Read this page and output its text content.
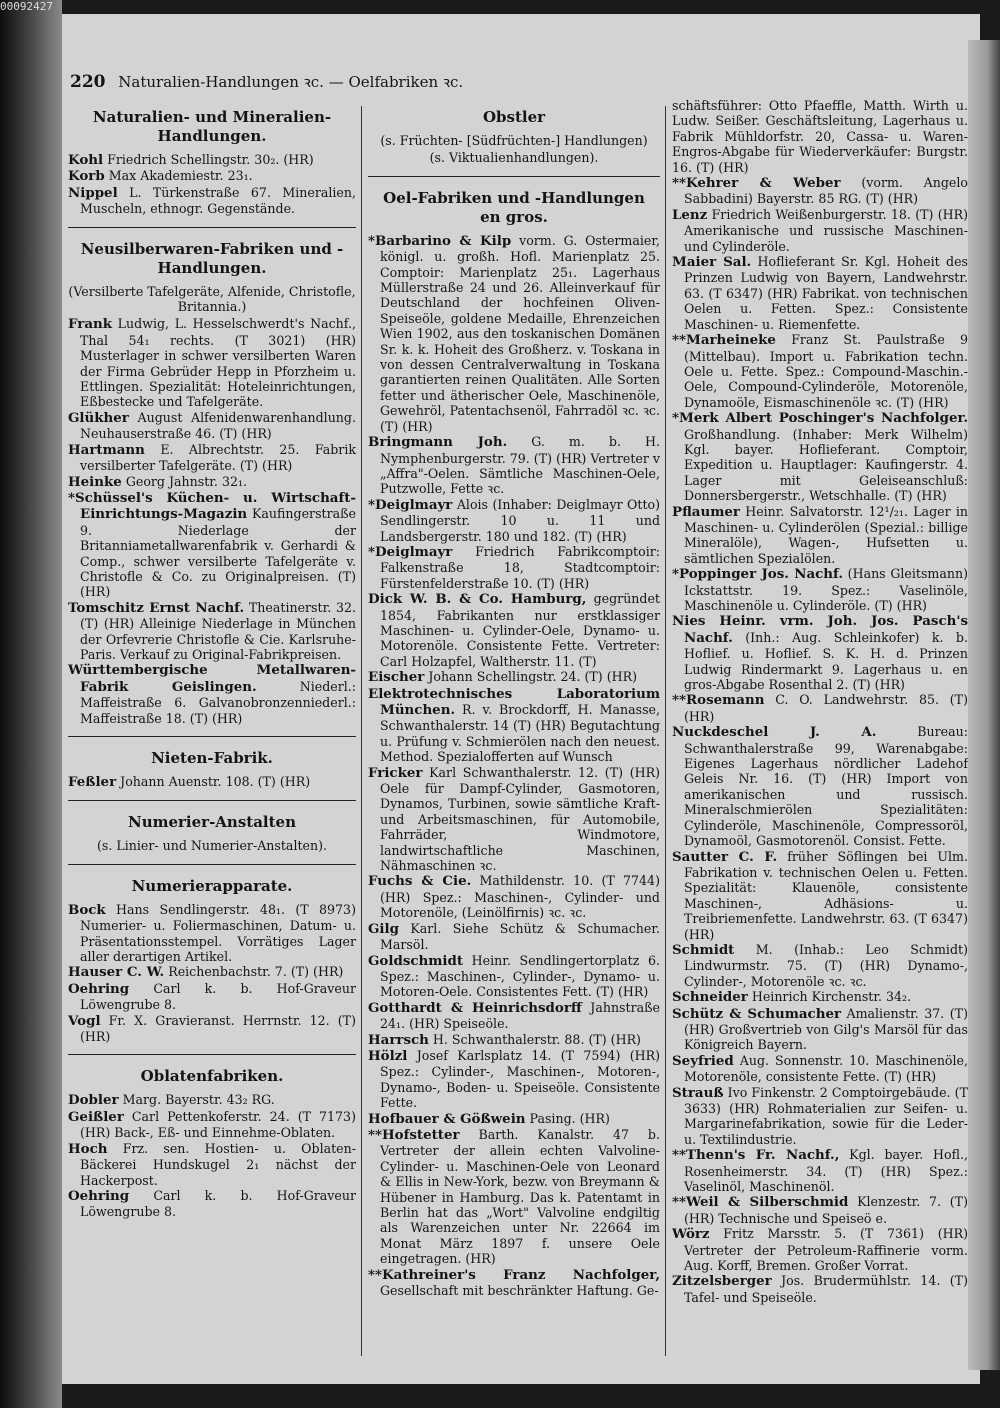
00092427
220 Naturalien-Handlungen ꝛc. — Oelfabriken ꝛc.
Naturalien- und Mineralien-Handlungen.

Kohl Friedrich Schellingstr. 30₂. (HR)

Korb Max Akademiestr. 23₁.

Nippel L. Türkenstraße 67. Mineralien, Muscheln, ethnogr. Gegenstände.

Neusilberwaren-Fabriken und -Handlungen.

(Versilberte Tafelgeräte, Alfenide, Christofle, Britannia.)

Frank Ludwig, L. Hesselschwerdt's Nachf., Thal 54₁ rechts. (T 3021) (HR) Musterlager in schwer versilberten Waren der Firma Gebrüder Hepp in Pforzheim u. Ettlingen. Spezialität: Hoteleinrichtungen, Eßbestecke und Tafelgeräte.

Glükher August Alfenidenwarenhandlung. Neuhauserstraße 46. (T) (HR)

Hartmann E. Albrechtstr. 25. Fabrik versilberter Tafelgeräte. (T) (HR)

Heinke Georg Jahnstr. 32₁.

*Schüssel's Küchen- u. Wirtschaft-Einrichtungs-Magazin Kaufingerstraße 9. Niederlage der Britanniametallwarenfabrik v. Gerhardi & Comp., schwer versilberte Tafelgeräte v. Christofle & Co. zu Originalpreisen. (T) (HR)

Tomschitz Ernst Nachf. Theatinerstr. 32. (T) (HR) Alleinige Niederlage in München der Orfevrerie Christofle & Cie. Karlsruhe-Paris. Verkauf zu Original-Fabrikpreisen.

Württembergische Metallwaren-Fabrik Geislingen.	Niederl.: Maffeistraße 6. Galvanobronzenniederl.: Maffeistraße 18. (T) (HR)

Nieten-Fabrik.

Feßler Johann Auenstr. 108. (T) (HR)

Numerier-Anstalten

(s. Linier- und Numerier-Anstalten).

Numerierapparate.

Bock Hans Sendlingerstr. 48₁. (T 8973) Numerier- u. Foliermaschinen, Datum- u. Präsentationsstempel. Vorrätiges Lager aller derartigen Artikel.

Hauser C. W. Reichenbachstr. 7. (T) (HR)

Oehring Carl k. b. Hof-Graveur Löwengrube 8.

Vogl Fr. X. Gravieranst. Herrnstr. 12. (T) (HR)

Oblatenfabriken.

Dobler Marg. Bayerstr. 43₂ RG.

Geißler Carl Pettenkoferstr. 24. (T 7173) (HR) Back-, Eß- und Einnehme-Oblaten.

Hoch Frz. sen. Hostien- u. Oblaten-Bäckerei Hundskugel 2₁ nächst der Hackerpost.

Oehring Carl k. b. Hof-Graveur Löwengrube 8.

Obstler

(s. Früchten- [Südfrüchten-] Handlungen)

(s. Viktualienhandlungen).

Oel-Fabriken und -Handlungen
en gros.

*Barbarino & Kilp vorm. G. Ostermaier, königl. u. großh. Hofl. Marienplatz 25. Comptoir: Marienplatz 25₁. Lagerhaus Müllerstraße 24 und 26. Alleinverkauf für Deutschland der hochfeinen Oliven-Speiseöle, goldene Medaille, Ehrenzeichen Wien 1902, aus den toskanischen Domänen Sr. k. k. Hoheit des Großherz. v. Toskana in von dessen Centralverwaltung in Toskana garantierten reinen Qualitäten. Alle Sorten fetter und ätherischer Oele, Maschinenöle, Gewehröl, Patentachsenöl, Fahrradöl ꝛc. ꝛc. (T) (HR)

Bringmann Joh. G. m. b. H. Nymphenburgerstr. 79. (T) (HR) Vertreter v „Affra"-Oelen. Sämtliche Maschinen-Oele, Putzwolle, Fette ꝛc.

*Deiglmayr Alois (Inhaber: Deiglmayr Otto) Sendlingerstr. 10 u. 11 und Landsbergerstr. 180 und 182. (T) (HR)

*Deiglmayr Friedrich Fabrikcomptoir: Falkenstraße 18, Stadtcomptoir: Fürstenfelderstraße 10. (T) (HR)

Dick W. B. & Co. Hamburg, gegründet 1854, Fabrikanten nur erstklassiger Maschinen- u. Cylinder-Oele, Dynamo- u. Motorenöle. Consistente Fette. Vertreter: Carl Holzapfel, Waltherstr. 11. (T)

Eischer Johann Schellingstr. 24. (T) (HR)

Elektrotechnisches Laboratorium München. R. v. Brockdorff, H. Manasse, Schwanthalerstr. 14 (T) (HR) Begutachtung u. Prüfung v. Schmierölen nach den neuest. Method. Spezialofferten auf Wunsch

Fricker Karl Schwanthalerstr. 12. (T) (HR) Oele für Dampf-Cylinder, Gasmotoren, Dynamos, Turbinen, sowie sämtliche Kraft- und Arbeitsmaschinen, für Automobile, Fahrräder, Windmotore, landwirtschaftliche Maschinen, Nähmaschinen ꝛc.

Fuchs & Cie. Mathildenstr. 10. (T 7744) (HR) Spez.: Maschinen-, Cylinder- und Motorenöle, (Leinölfirnis) ꝛc. ꝛc.

Gilg Karl. Siehe Schütz & Schumacher. Marsöl.

Goldschmidt Heinr. Sendlingertorplatz 6. Spez.: Maschinen-, Cylinder-, Dynamo- u. Motoren-Oele. Consistentes Fett. (T) (HR)

Gotthardt & Heinrichsdorff Jahnstraße 24₁. (HR) Speiseöle.

Harrsch H. Schwanthalerstr. 88. (T) (HR)

Hölzl Josef Karlsplatz 14. (T 7594) (HR) Spez.: Cylinder-, Maschinen-, Motoren-, Dynamo-, Boden- u. Speiseöle. Consistente Fette.

Hofbauer & Gößwein Pasing. (HR)

**Hofstetter Barth. Kanalstr. 47 b. Vertreter der allein echten Valvoline-Cylinder- u. Maschinen-Oele von Leonard & Ellis in New-York, bezw. von Breymann & Hübener in Hamburg. Das k. Patentamt in Berlin hat das „Wort" Valvoline endgiltig als Warenzeichen unter Nr. 22664 im Monat März 1897 f. unsere Oele eingetragen. (HR)

**Kathreiner's Franz Nachfolger, Gesellschaft mit beschränkter Haftung. Ge-

schäftsführer: Otto Pfaeffle, Matth. Wirth u. Ludw. Seißer. Geschäftsleitung, Lagerhaus u. Fabrik Mühldorfstr. 20, Cassa- u. Waren-Engros-Abgabe für Wiederverkäufer: Burgstr. 16. (T) (HR)

**Kehrer & Weber (vorm. Angelo Sabbadini) Bayerstr. 85 RG. (T) (HR)

Lenz Friedrich Weißenburgerstr. 18. (T) (HR) Amerikanische und russische Maschinen- und Cylinderöle.

Maier Sal. Hoflieferant Sr. Kgl. Hoheit des Prinzen Ludwig von Bayern, Landwehrstr. 63. (T 6347) (HR) Fabrikat. von technischen Oelen u. Fetten. Spez.: Consistente Maschinen- u. Riemenfette.

**Marheineke Franz St. Paulstraße 9 (Mittelbau). Import u. Fabrikation techn. Oele u. Fette. Spez.: Compound-Maschin.-Oele, Compound-Cylinderöle, Motorenöle, Dynamoöle, Eismaschinenöle ꝛc. (T) (HR)

*Merk Albert Poschinger's Nachfolger. Großhandlung. (Inhaber: Merk Wilhelm) Kgl. bayer. Hoflieferant. Comptoir, Expedition u. Hauptlager: Kaufingerstr. 4. Lager mit Geleiseanschluß: Donnersbergerstr., Wetschhalle. (T) (HR)

Pflaumer Heinr. Salvatorstr. 12¹/₂₁. Lager in Maschinen- u. Cylinderölen (Spezial.: billige Mineralöle), Wagen-, Hufsetten u. sämtlichen Spezialölen.

*Poppinger Jos. Nachf. (Hans Gleitsmann) Ickstattstr. 19. Spez.: Vaselinöle, Maschinenöle u. Cylinderöle. (T) (HR)

Nies Heinr. vrm. Joh. Jos. Pasch's Nachf. (Inh.: Aug. Schleinkofer) k. b. Hoflief. u. Hoflief. S. K. H. d. Prinzen Ludwig Rindermarkt 9. Lagerhaus u. en gros-Abgabe Rosenthal 2. (T) (HR)

**Rosemann C. O. Landwehrstr. 85. (T) (HR)

Nuckdeschel J. A.	Bureau: Schwanthalerstraße 99, Warenabgabe: Eigenes Lagerhaus nördlicher Ladehof Geleis Nr. 16. (T) (HR) Import von amerikanischen und russisch. Mineralschmierölen Spezialitäten: Cylinderöle, Maschinenöle, Compressoröl, Dynamoöl, Gasmotorenöl. Consist. Fette.

Sautter C. F. früher Söflingen bei Ulm. Fabrikation v. technischen Oelen u. Fetten. Spezialität: Klauenöle, consistente Maschinen-, Adhäsions- u. Treibriemenfette. Landwehrstr. 63. (T 6347) (HR)

Schmidt M. (Inhab.: Leo Schmidt) Lindwurmstr. 75. (T) (HR) Dynamo-, Cylinder-, Motorenöle ꝛc. ꝛc.

Schneider Heinrich Kirchenstr. 34₂.

Schütz & Schumacher Amalienstr. 37. (T) (HR) Großvertrieb von Gilg's Marsöl für das Königreich Bayern.

Seyfried Aug. Sonnenstr. 10. Maschinenöle, Motorenöle, consistente Fette. (T) (HR)

Strauß Ivo Finkenstr. 2 Comptoirgebäude. (T 3633) (HR) Rohmaterialien zur Seifen- u. Margarinefabrikation, sowie für die Leder- u. Textilindustrie.

**Thenn's Fr. Nachf., Kgl. bayer. Hofl., Rosenheimerstr. 34. (T) (HR) Spez.: Vaselinöl, Maschinenöl.

**Weil & Silberschmid Klenzestr. 7. (T) (HR) Technische und Speiseö e.

Wörz Fritz Marsstr. 5. (T 7361) (HR) Vertreter der Petroleum-Raffinerie vorm. Aug. Korff, Bremen. Großer Vorrat.

Zitzelsberger Jos. Brudermühlstr. 14. (T) Tafel- und Speiseöle.
